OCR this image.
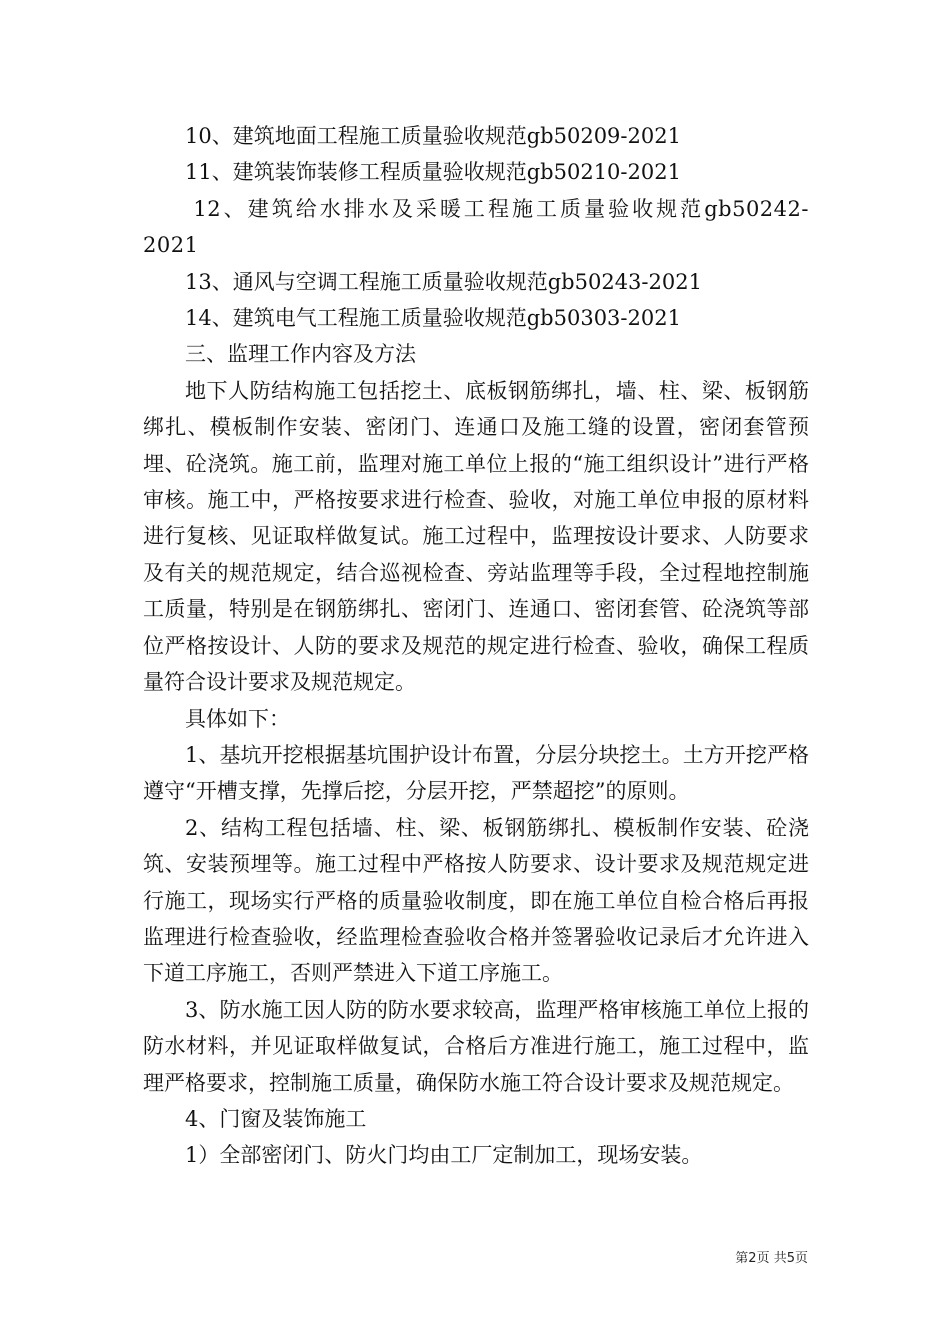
10、建筑地面工程施工质量验收规范gb50209-2021

11、建筑装饰装修工程质量验收规范gb50210-2021

12、建筑给水排水及采暖工程施工质量验收规范gb50242-2021

13、通风与空调工程施工质量验收规范gb50243-2021

14、建筑电气工程施工质量验收规范gb50303-2021

三、监理工作内容及方法

地下人防结构施工包括挖土、底板钢筋绑扎，墙、柱、梁、板钢筋绑扎、模板制作安装、密闭门、连通口及施工缝的设置，密闭套管预埋、砼浇筑。施工前，监理对施工单位上报的“施工组织设计”进行严格审核。施工中，严格按要求进行检查、验收，对施工单位申报的原材料进行复核、见证取样做复试。施工过程中，监理按设计要求、人防要求及有关的规范规定，结合巡视检查、旁站监理等手段，全过程地控制施工质量，特别是在钢筋绑扎、密闭门、连通口、密闭套管、砼浇筑等部位严格按设计、人防的要求及规范的规定进行检查、验收，确保工程质量符合设计要求及规范规定。

具体如下：

1、基坑开挖根据基坑围护设计布置，分层分块挖土。土方开挖严格遵守“开槽支撑，先撑后挖，分层开挖，严禁超挖”的原则。

2、结构工程包括墙、柱、梁、板钢筋绑扎、模板制作安装、砼浇筑、安装预埋等。施工过程中严格按人防要求、设计要求及规范规定进行施工，现场实行严格的质量验收制度，即在施工单位自检合格后再报监理进行检查验收，经监理检查验收合格并签署验收记录后才允许进入下道工序施工，否则严禁进入下道工序施工。

3、防水施工因人防的防水要求较高，监理严格审核施工单位上报的防水材料，并见证取样做复试，合格后方准进行施工，施工过程中，监理严格要求，控制施工质量，确保防水施工符合设计要求及规范规定。

4、门窗及装饰施工

1）全部密闭门、防火门均由工厂定制加工，现场安装。

第2页 共5页
